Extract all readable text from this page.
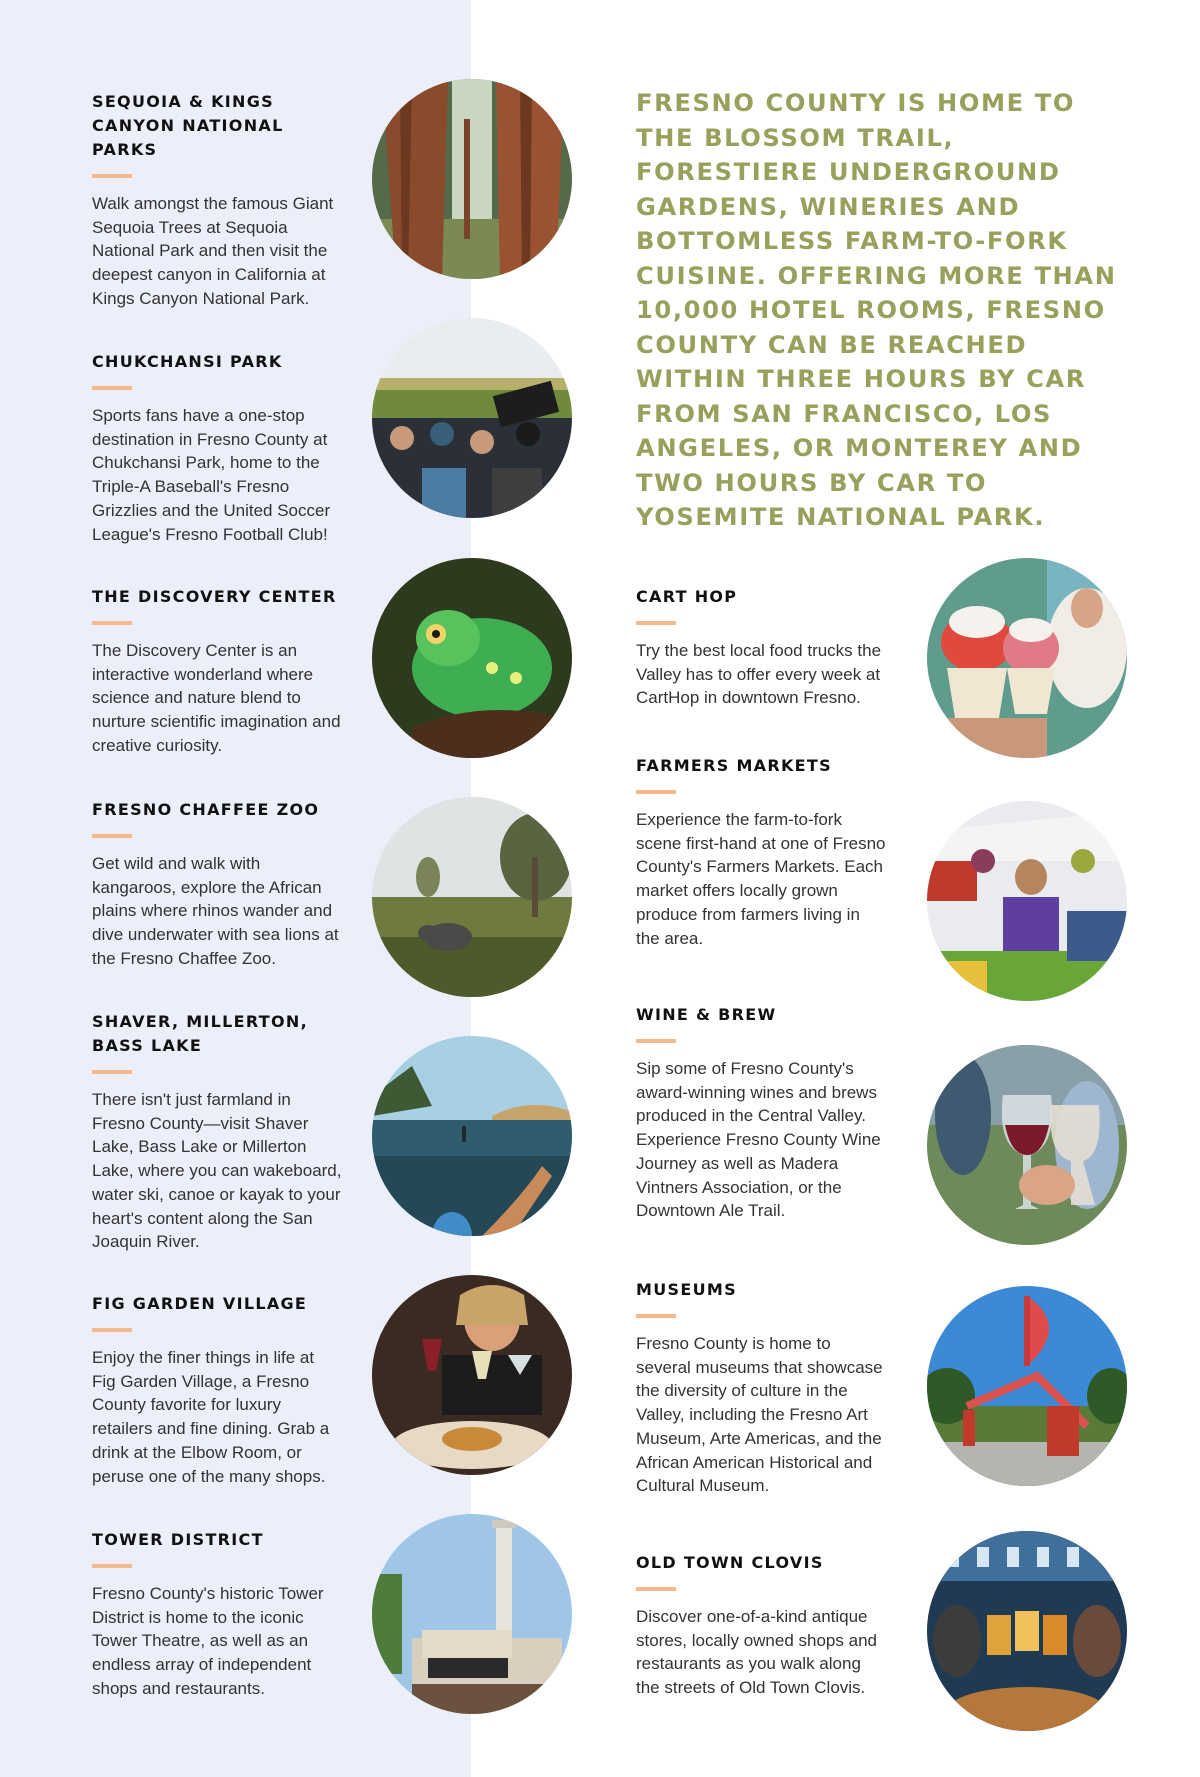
SEQUOIA & KINGS CANYON NATIONAL PARKS

Walk amongst the famous Giant Sequoia Trees at Sequoia National Park and then visit the deepest canyon in California at Kings Canyon National Park.

CHUKCHANSI PARK

Sports fans have a one-stop destination in Fresno County at Chukchansi Park, home to the Triple-A Baseball's Fresno Grizzlies and the United Soccer League's Fresno Football Club!

THE DISCOVERY CENTER

The Discovery Center is an interactive wonderland where science and nature blend to nurture scientific imagination and creative curiosity.

FRESNO CHAFFEE ZOO

Get wild and walk with kangaroos, explore the African plains where rhinos wander and dive underwater with sea lions at the Fresno Chaffee Zoo.

SHAVER, MILLERTON, BASS LAKE

There isn't just farmland in Fresno County—visit Shaver Lake, Bass Lake or Millerton Lake, where you can wakeboard, water ski, canoe or kayak to your heart's content along the San Joaquin River.

FIG GARDEN VILLAGE

Enjoy the finer things in life at Fig Garden Village, a Fresno County favorite for luxury retailers and fine dining. Grab a drink at the Elbow Room, or peruse one of the many shops.

TOWER DISTRICT

Fresno County's historic Tower District is home to the iconic Tower Theatre, as well as an endless array of independent shops and restaurants.

FRESNO COUNTY IS HOME TO THE BLOSSOM TRAIL, FORESTIERE UNDERGROUND GARDENS, WINERIES AND BOTTOMLESS FARM-TO-FORK CUISINE. OFFERING MORE THAN 10,000 HOTEL ROOMS, FRESNO COUNTY CAN BE REACHED WITHIN THREE HOURS BY CAR FROM SAN FRANCISCO, LOS ANGELES, OR MONTEREY AND TWO HOURS BY CAR TO YOSEMITE NATIONAL PARK.

CART HOP

Try the best local food trucks the Valley has to offer every week at CartHop in downtown Fresno.

FARMERS MARKETS

Experience the farm-to-fork scene first-hand at one of Fresno County's Farmers Markets. Each market offers locally grown produce from farmers living in the area.

WINE & BREW

Sip some of Fresno County's award-winning wines and brews produced in the Central Valley. Experience Fresno County Wine Journey as well as Madera Vintners Association, or the Downtown Ale Trail.

MUSEUMS

Fresno County is home to several museums that showcase the diversity of culture in the Valley, including the Fresno Art Museum, Arte Americas, and the African American Historical and Cultural Museum.

OLD TOWN CLOVIS

Discover one-of-a-kind antique stores, locally owned shops and restaurants as you walk along the streets of Old Town Clovis.
